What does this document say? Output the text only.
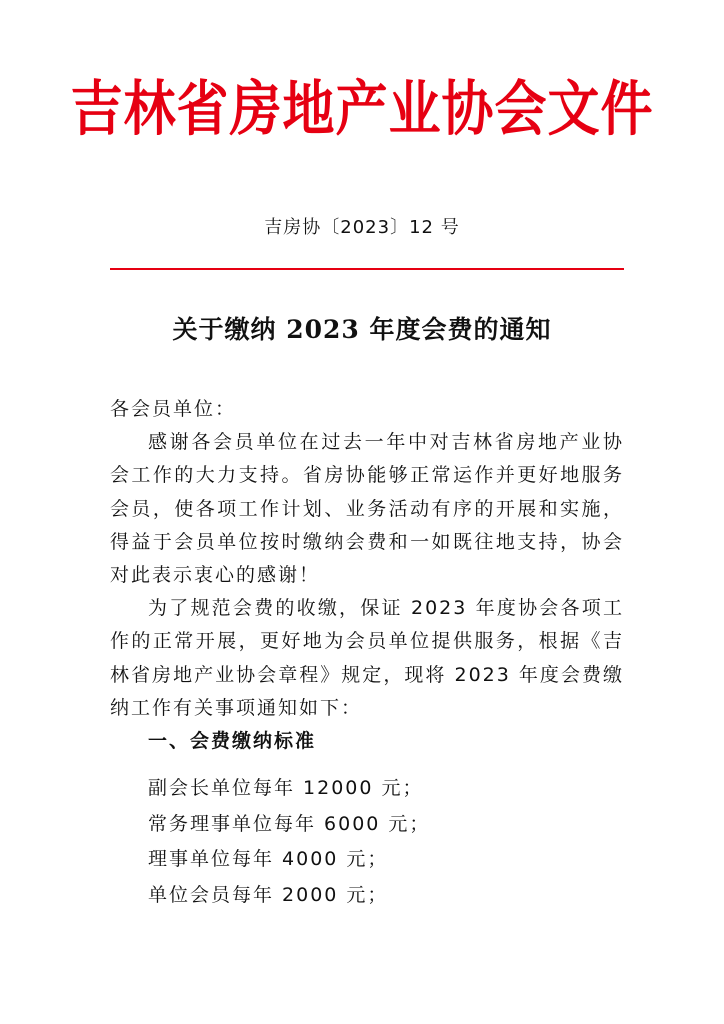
吉林省房地产业协会文件
吉房协〔2023〕12 号
关于缴纳 2023 年度会费的通知

各会员单位：

感谢各会员单位在过去一年中对吉林省房地产业协会工作的大力支持。省房协能够正常运作并更好地服务会员，使各项工作计划、业务活动有序的开展和实施，得益于会员单位按时缴纳会费和一如既往地支持，协会对此表示衷心的感谢！

为了规范会费的收缴，保证 2023 年度协会各项工作的正常开展，更好地为会员单位提供服务，根据《吉林省房地产业协会章程》规定，现将 2023 年度会费缴纳工作有关事项通知如下：

一、会费缴纳标准

副会长单位每年 12000 元；
常务理事单位每年 6000 元；
理事单位每年 4000 元；
单位会员每年 2000 元；
